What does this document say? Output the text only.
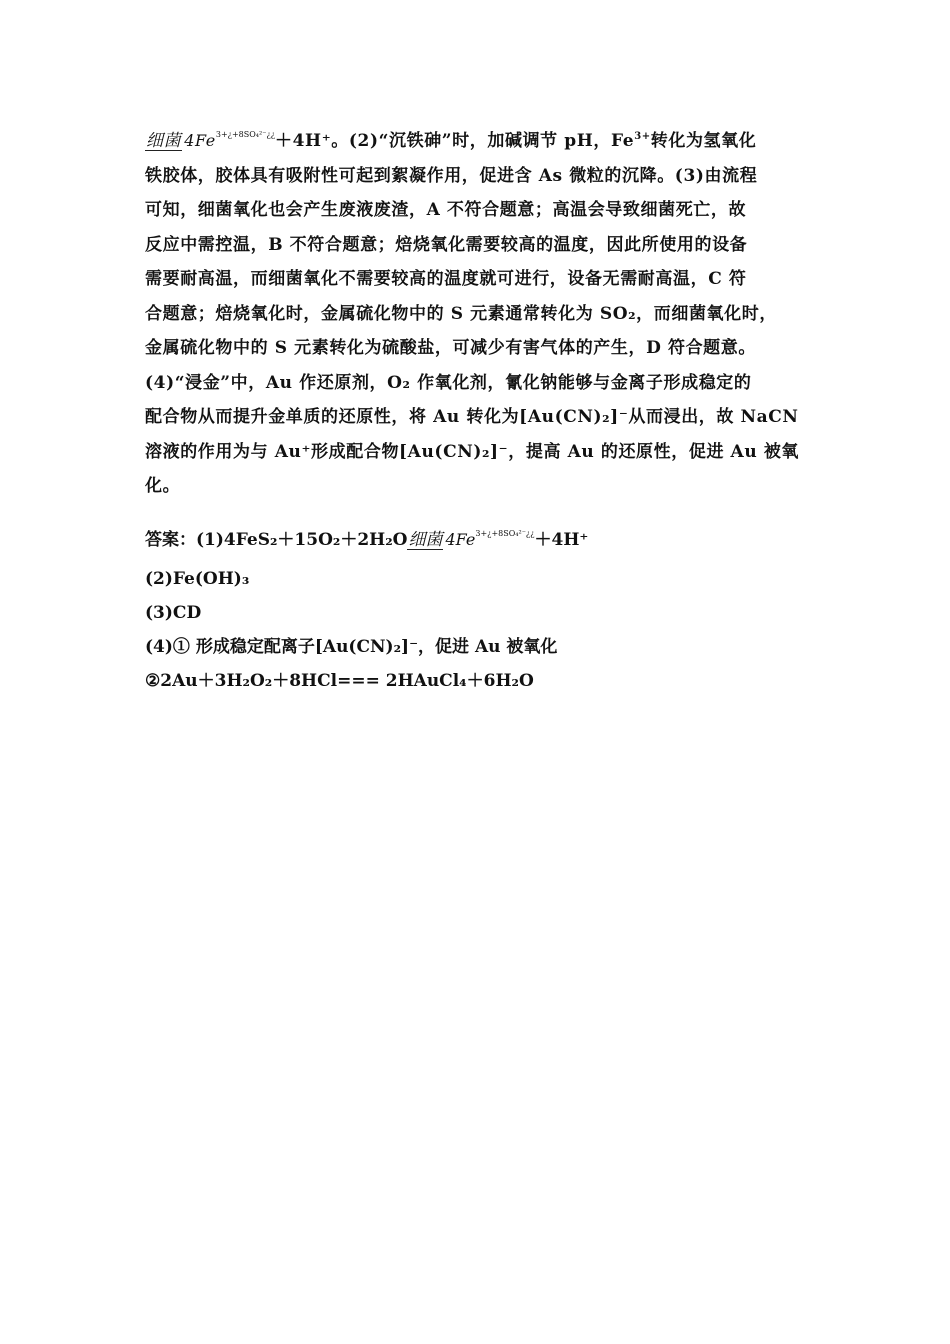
细菌 $4Fe^{3+¿+8SO_4^{2-}¿¿}+4H^+$。(2)“沉铁砷”时，加碱调节 pH，$Fe^{3+}$转化为氢氧化

铁胶体，胶体具有吸附性可起到絮凝作用，促进含 As 微粒的沉降。(3)由流程

可知，细菌氧化也会产生废液废渣，A 不符合题意；高温会导致细菌死亡，故

反应中需控温，B 不符合题意；焙烧氧化需要较高的温度，因此所使用的设备

需要耐高温，而细菌氧化不需要较高的温度就可进行，设备无需耐高温，C 符

合题意；焙烧氧化时，金属硫化物中的 S 元素通常转化为 SO₂，而细菌氧化时，

金属硫化物中的 S 元素转化为硫酸盐，可减少有害气体的产生，D 符合题意。

(4)“浸金”中，Au 作还原剂，O₂ 作氧化剂，氰化钠能够与金离子形成稳定的

配合物从而提升金单质的还原性，将 Au 转化为[Au(CN)₂]⁻从而浸出，故 NaCN

溶液的作用为与 Au⁺形成配合物[Au(CN)₂]⁻，提高 Au 的还原性，促进 Au 被氧

化。

答案：(1)4FeS₂＋15O₂＋2H₂O细菌 $4Fe^{3+¿+8SO_4^{2-}¿¿}+4H^+$

(2)Fe(OH)₃

(3)CD

(4)① 形成稳定配离子[Au(CN)₂]⁻，促进 Au 被氧化

②2Au＋3H₂O₂＋8HCl=== 2HAuCl₄＋6H₂O
